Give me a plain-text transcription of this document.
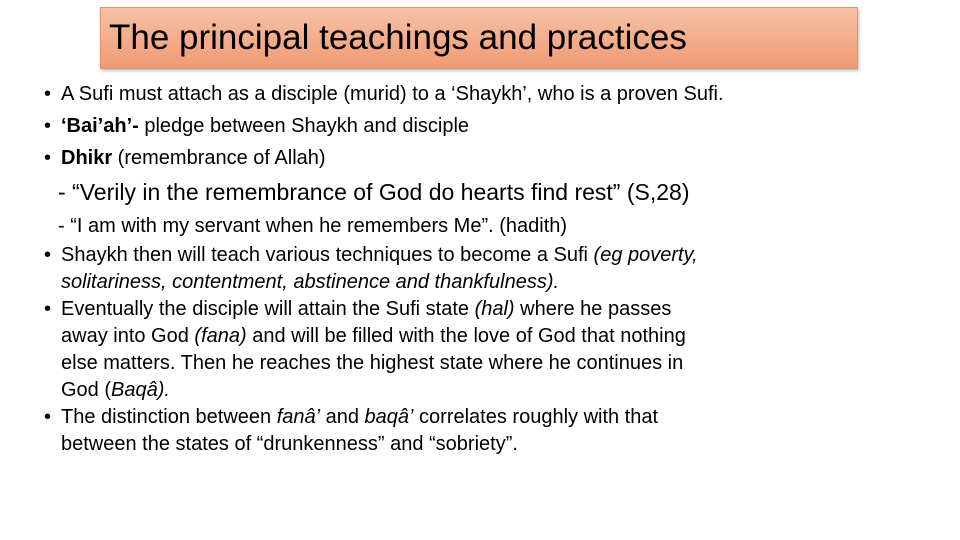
The principal teachings and practices
• A Sufi must attach as a disciple (murid) to a ‘Shaykh’, who is a proven Sufi.
• ‘Bai’ah’- pledge between Shaykh and disciple
• Dhikr (remembrance of Allah)
- “Verily in the remembrance of God do hearts find rest” (S,28)
- “I am with my servant when he remembers Me”. (hadith)
• Shaykh then will teach various techniques to become a Sufi (eg poverty,
solitariness, contentment, abstinence and thankfulness).
• Eventually the disciple will attain the Sufi state (hal) where he passes
away into God (fana) and will be filled with the love of God that nothing
else matters. Then he reaches the highest state where he continues in
God (Baqâ).
• The distinction between fanâ’ and baqâ’ correlates roughly with that
between the states of “drunkenness” and “sobriety”.
